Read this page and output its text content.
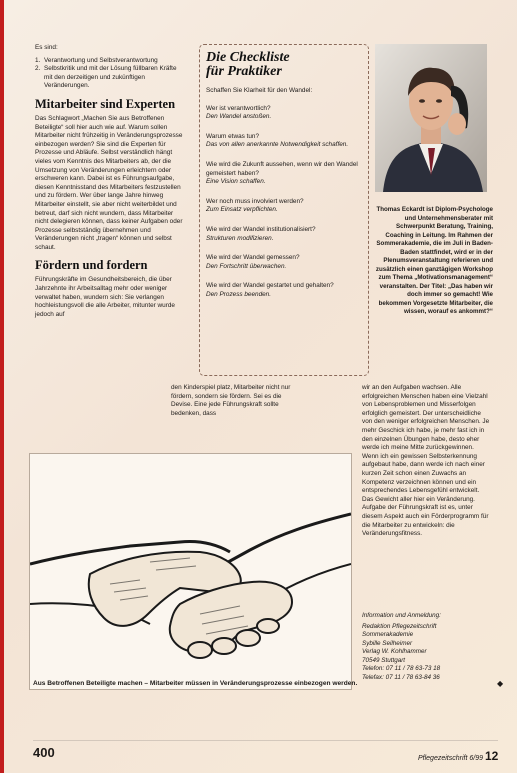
Es sind:

1. Verantwortung und Selbstverantwortung
2. Selbstkritik und mit der Lösung füllbaren Kräfte mit den derzeitigen und zukünftigen Veränderungen.
Mitarbeiter sind Experten

Das Schlagwort „Machen Sie aus Betroffenen Beteiligte“ soll hier auch wie auf. Warum sollen Mitarbeiter nicht frühzeitig in Veränderungsprozesse einbezogen werden? Sie sind die Experten für Prozesse und Abläufe. Selbst verständlich hängt vieles vom Kenntnis des Mitarbeiters ab, der die Umsetzung von Veränderungen erleichtern oder erschweren kann. Dabei ist es Führungsaufgabe, diesen Kenntnisstand des Mitarbeiters festzustellen und zu fördern. Wer über lange Jahre hinweg Mitarbeiter einstellt, sie aber nicht weiterbildet und betreut, darf sich nicht wundern, dass Mitarbeiter nicht delegieren können, dass keiner Aufgaben oder Prozesse selbstständig übernehmen und Veränderungen nicht „tragen“ können und selbst schaut.

Fördern und fordern

Führungskräfte im Gesundheitsbereich, die über Jahrzehnte ihr Arbeitsalltag mehr oder weniger verwaltet haben, wundern sich: Sie verlangen hochleistungsvoll die alle Arbeiter, mitunter wurde jedoch auf

Die Checkliste
für Praktiker
Schaffen Sie Klarheit für den Wandel:
Wer ist verantwortlich?
Den Wandel anstoßen.
Warum etwas tun?
Das von allen anerkannte Notwendigkeit schaffen.
Wie wird die Zukunft aussehen, wenn wir den Wandel gemeistert haben?
Eine Vision schaffen.
Wer noch muss involviert werden?
Zum Einsatz verpflichten.
Wie wird der Wandel institutionalisiert?
Strukturen modifizieren.
Wie wird der Wandel gemessen?
Den Fortschritt überwachen.
Wie wird der Wandel gestartet und gehalten?
Den Prozess beenden.
Thomas Eckardt ist Diplom-Psychologe und Unternehmensberater mit Schwerpunkt Beratung, Training, Coaching in Leitung. Im Rahmen der Sommerakademie, die im Juli in Baden-Baden stattfindet, wird er in der Plenumsveranstaltung referieren und zusätzlich einen ganztägigen Workshop zum Thema „Motivationsmanagement“ veranstalten. Der Titel: „Das haben wir doch immer so gemacht! Wie bekommen Vorgesetzte Mitarbeiter, die wissen, worauf es ankommt?“

den Kinderspiel platz, Mitarbeiter nicht nur fördern, sondern sie fördern. Sei es die Devise. Eine jede Führungskraft sollte bedenken, dass

wir an den Aufgaben wachsen. Alle erfolgreichen Menschen haben eine Vielzahl von Lebensproblemen und Misserfolgen erfolglich gemeistert. Der unterscheidliche von den weniger erfolgreichen Menschen. Je mehr Geschick ich habe, je mehr fast ich in den einzelnen Übungen habe, desto eher werde ich meine Mitte zurückgewinnen. Wenn ich ein gewissen Selbsterkennung aufgebaut habe, dann werde ich nach einer kurzen Zeit schon einen Zuwachs an Kompetenz verzeichnen können und ein entsprechendes Lebensgefühl entwickelt. Das Gewicht aller hier ein Veränderung. Aufgabe der Führungskraft ist es, unter diesem Aspekt auch ein Förderprogramm für die Mitarbeiter zu entwickeln: die Veränderungsfitness.

Aus Betroffenen Beteiligte machen – Mitarbeiter müssen in Veränderungsprozesse einbezogen werden.
Information und Anmeldung:
Redaktion Pflegezeitschrift
Sommerakademie
Sybille Seilheimer
Verlag W. Kohlhammer
70549 Stuttgart
Telefon: 07 11 / 78 63-73 18
Telefax: 07 11 / 78 63-84 36
◆
400	Pflegezeitschrift 6/99 12
